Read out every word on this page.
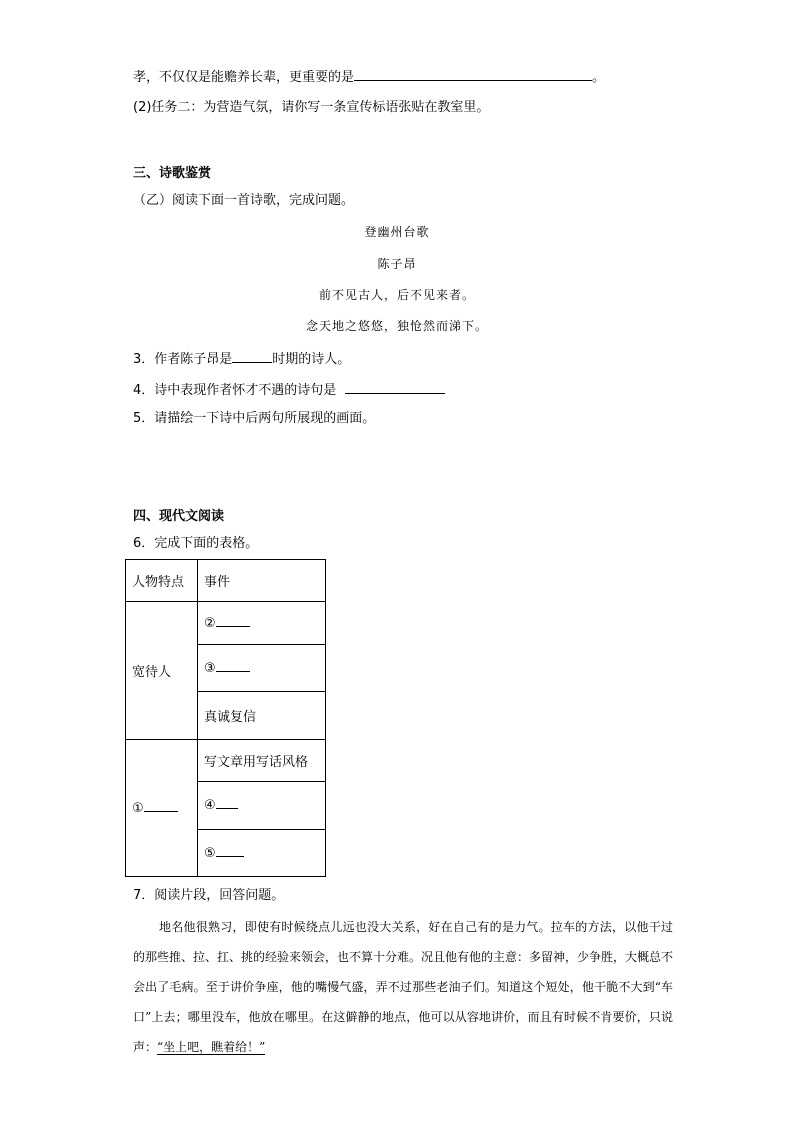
孝，不仅仅是能赡养长辈，更重要的是	。
(2)任务二：为营造气氛，请你写一条宣传标语张贴在教室里。
三、诗歌鉴赏
（乙）阅读下面一首诗歌，完成问题。
登幽州台歌
陈子昂
前不见古人，后不见来者。
念天地之悠悠，独怆然而涕下。
3．作者陈子昂是	时期的诗人。
4．诗中表现作者怀才不遇的诗句是
5．请描绘一下诗中后两句所展现的画面。
四、现代文阅读
6．完成下面的表格。
人物特点	事件
宽待人	②
	③
	真诚复信
①	写文章用写话风格
	④
	⑤
7．阅读片段，回答问题。
地名他很熟习，即使有时候绕点儿远也没大关系，好在自己有的是力气。拉车的方法，以他干过的那些推、拉、扛、挑的经验来领会，也不算十分难。况且他有他的主意：多留神，少争胜，大概总不会出了毛病。至于讲价争座，他的嘴慢气盛，弄不过那些老油子们。知道这个短处，他干脆不大到“车口”上去；哪里没车，他放在哪里。在这僻静的地点，他可以从容地讲价，而且有时候不肯要价，只说声：“坐上吧，瞧着给！”
